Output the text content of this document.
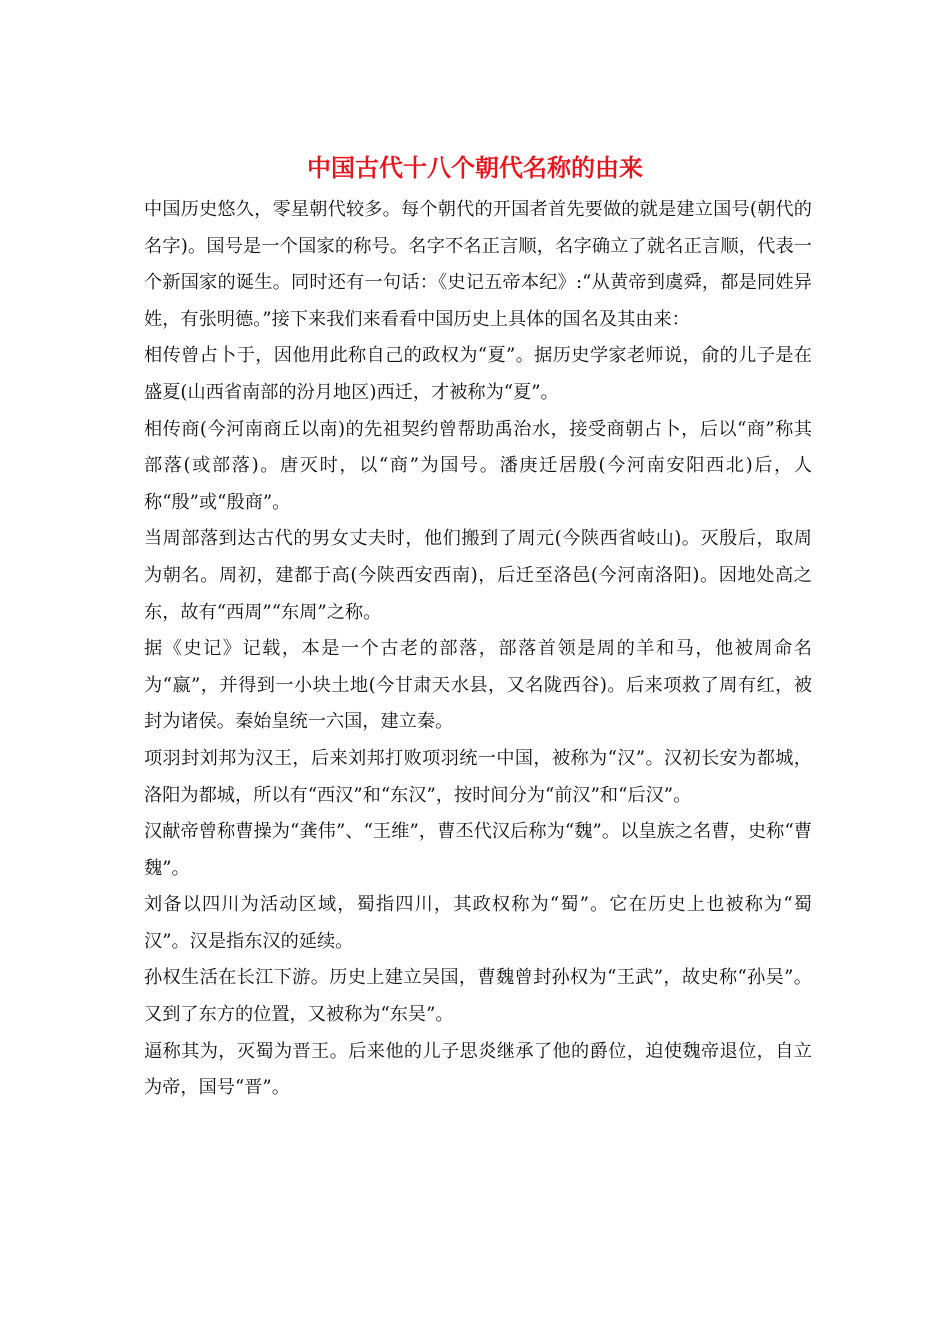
中国古代十八个朝代名称的由来

中国历史悠久，零星朝代较多。每个朝代的开国者首先要做的就是建立国号(朝代的名字)。国号是一个国家的称号。名字不名正言顺，名字确立了就名正言顺，代表一个新国家的诞生。同时还有一句话：《史记五帝本纪》:“从黄帝到虞舜，都是同姓异姓，有张明德。”接下来我们来看看中国历史上具体的国名及其由来：

相传曾占卜于，因他用此称自己的政权为“夏”。据历史学家老师说，俞的儿子是在盛夏(山西省南部的汾月地区)西迁，才被称为“夏”。

相传商(今河南商丘以南)的先祖契约曾帮助禹治水，接受商朝占卜，后以“商”称其部落(或部落)。唐灭时，以“商”为国号。潘庚迁居殷(今河南安阳西北)后，人称“殷”或“殷商”。

当周部落到达古代的男女丈夫时，他们搬到了周元(今陕西省岐山)。灭殷后，取周为朝名。周初，建都于高(今陕西安西南)，后迁至洛邑(今河南洛阳)。因地处高之东，故有“西周”“东周”之称。

据《史记》记载，本是一个古老的部落，部落首领是周的羊和马，他被周命名为“嬴”，并得到一小块土地(今甘肃天水县，又名陇西谷)。后来项救了周有红，被封为诸侯。秦始皇统一六国，建立秦。

项羽封刘邦为汉王，后来刘邦打败项羽统一中国，被称为“汉”。汉初长安为都城，洛阳为都城，所以有“西汉”和“东汉”，按时间分为“前汉”和“后汉”。

汉献帝曾称曹操为“龚伟”、“王维”，曹丕代汉后称为“魏”。以皇族之名曹，史称“曹魏”。

刘备以四川为活动区域，蜀指四川，其政权称为“蜀”。它在历史上也被称为“蜀汉”。汉是指东汉的延续。

孙权生活在长江下游。历史上建立吴国，曹魏曾封孙权为“王武”，故史称“孙吴”。又到了东方的位置，又被称为“东吴”。

逼称其为，灭蜀为晋王。后来他的儿子思炎继承了他的爵位，迫使魏帝退位，自立为帝，国号“晋”。
